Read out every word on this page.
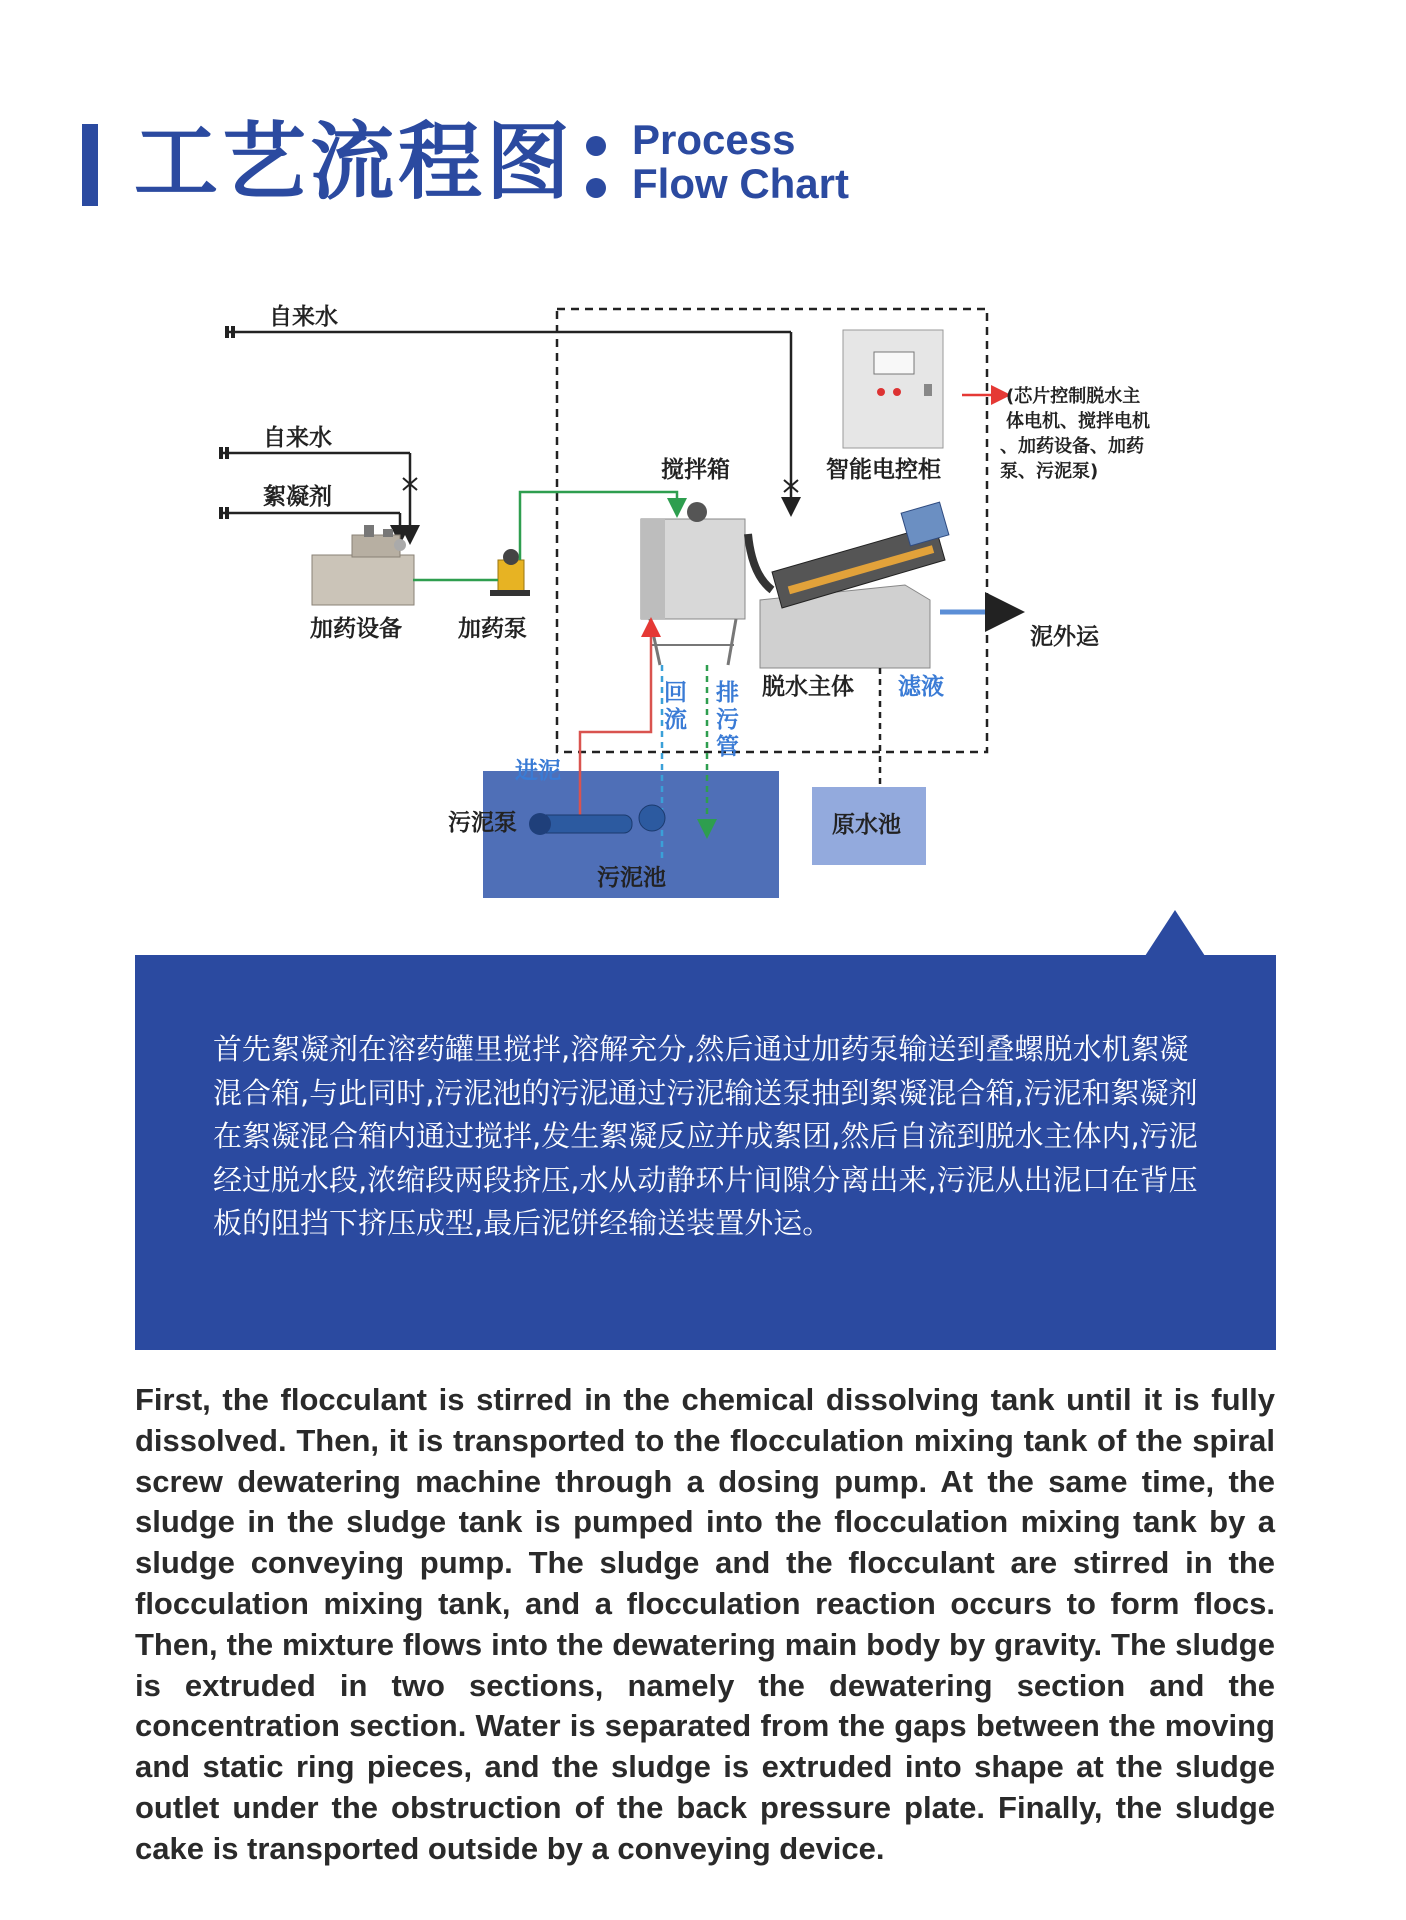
工艺流程图 Process
Flow Chart
自来水
自来水
絮凝剂
加药设备 加药泵
搅拌箱	智能电控柜
(芯片控制脱水主
体电机、搅拌电机
、加药设备、加药
泵、污泥泵)
脱水主体 滤液
泥外运
回
流
排
污
管
进泥
污泥泵
污泥池
原水池
首先絮凝剂在溶药罐里搅拌,溶解充分,然后通过加药泵输送到叠螺脱水机絮凝混合箱,与此同时,污泥池的污泥通过污泥输送泵抽到絮凝混合箱,污泥和絮凝剂在絮凝混合箱内通过搅拌,发生絮凝反应并成絮团,然后自流到脱水主体内,污泥经过脱水段,浓缩段两段挤压,水从动静环片间隙分离出来,污泥从出泥口在背压板的阻挡下挤压成型,最后泥饼经输送装置外运。
First, the flocculant is stirred in the chemical dissolving tank until it is fully dissolved. Then, it is transported to the flocculation mixing tank of the spiral screw dewatering machine through a dosing pump. At the same time, the sludge in the sludge tank is pumped into the flocculation mixing tank by a sludge conveying pump. The sludge and the flocculant are stirred in the flocculation mixing tank, and a flocculation reaction occurs to form flocs. Then, the mixture flows into the dewatering main body by gravity. The sludge is extruded in two sections, namely the dewatering section and the concentration section. Water is separated from the gaps between the moving and static ring pieces, and the sludge is extruded into shape at the sludge outlet under the obstruction of the back pressure plate. Finally, the sludge cake is transported outside by a conveying device.
